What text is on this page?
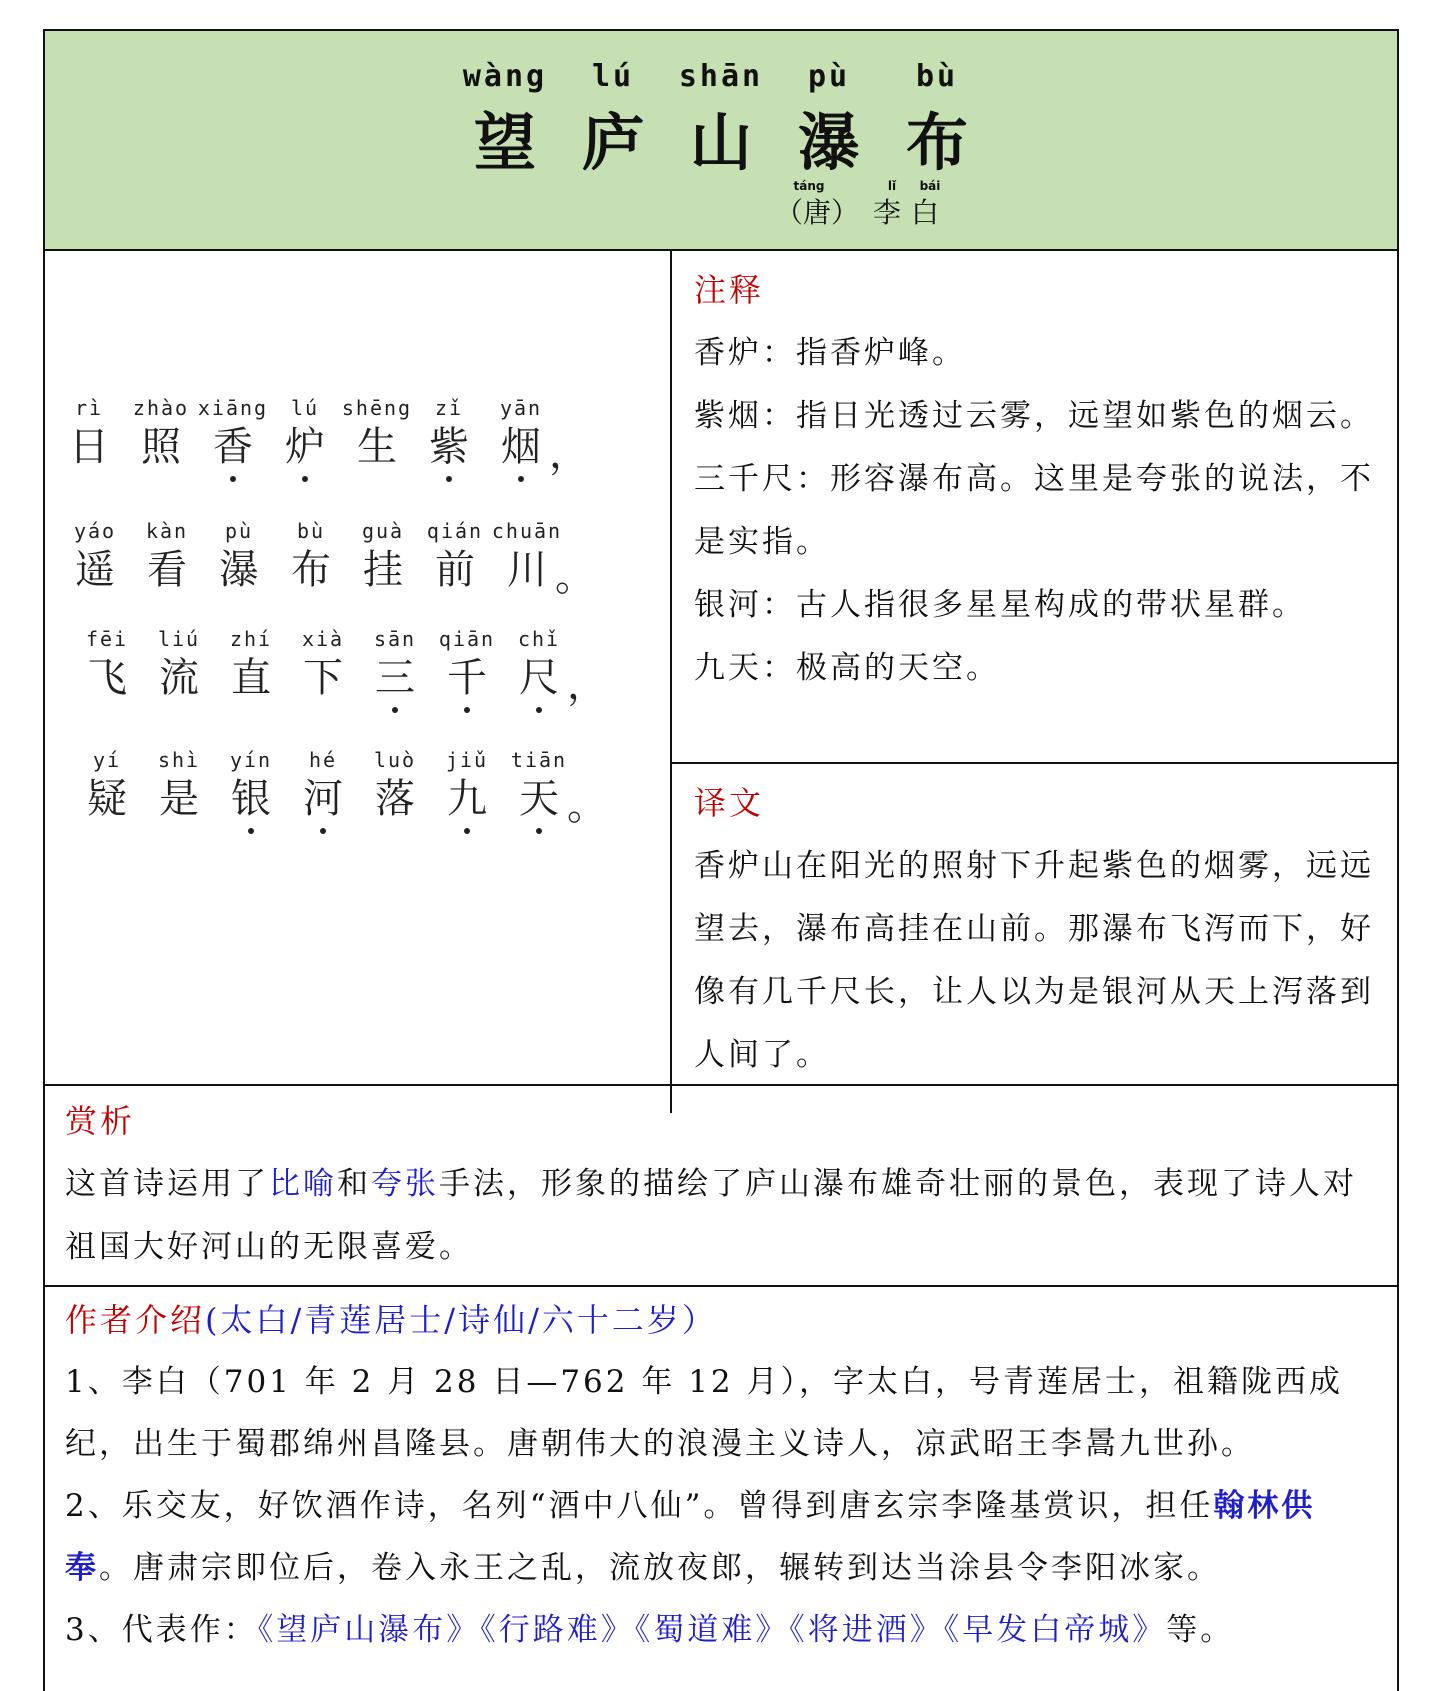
wàng lú shān pù bù
望 庐 山 瀑 布
táng	lǐ bái
（唐） 李 白
rì
日
zhào
照
xiāng
香
lú
炉
shēng
生
zǐ
紫
yān
烟 ，
yáo
遥
kàn
看
pù
瀑
bù
布
guà
挂
qián
前
chuān
川 。
fēi
飞
liú
流
zhí
直
xià
下
sān
三
qiān
千
chǐ
尺 ，
yí
疑
shì
是
yín
银
hé
河
luò
落
jiǔ
九
tiān
天 。
注释
香炉：指香炉峰。
紫烟：指日光透过云雾，远望如紫色的烟云。
三千尺：形容瀑布高。这里是夸张的说法，不是实指。
银河：古人指很多星星构成的带状星群。
九天：极高的天空。
译文
香炉山在阳光的照射下升起紫色的烟雾，远远望去，瀑布高挂在山前。那瀑布飞泻而下，好像有几千尺长，让人以为是银河从天上泻落到人间了。
赏析
这首诗运用了比喻和夸张手法，形象的描绘了庐山瀑布雄奇壮丽的景色，表现了诗人对祖国大好河山的无限喜爱。
作者介绍(太白/青莲居士/诗仙/六十二岁）
1、李白（701 年 2 月 28 日—762 年 12 月），字太白，号青莲居士，祖籍陇西成纪，出生于蜀郡绵州昌隆县。唐朝伟大的浪漫主义诗人，凉武昭王李暠九世孙。
2、乐交友，好饮酒作诗，名列“酒中八仙”。曾得到唐玄宗李隆基赏识，担任翰林供奉。唐肃宗即位后，卷入永王之乱，流放夜郎，辗转到达当涂县令李阳冰家。
3、代表作：《望庐山瀑布》《行路难》《蜀道难》《将进酒》《早发白帝城》等。
